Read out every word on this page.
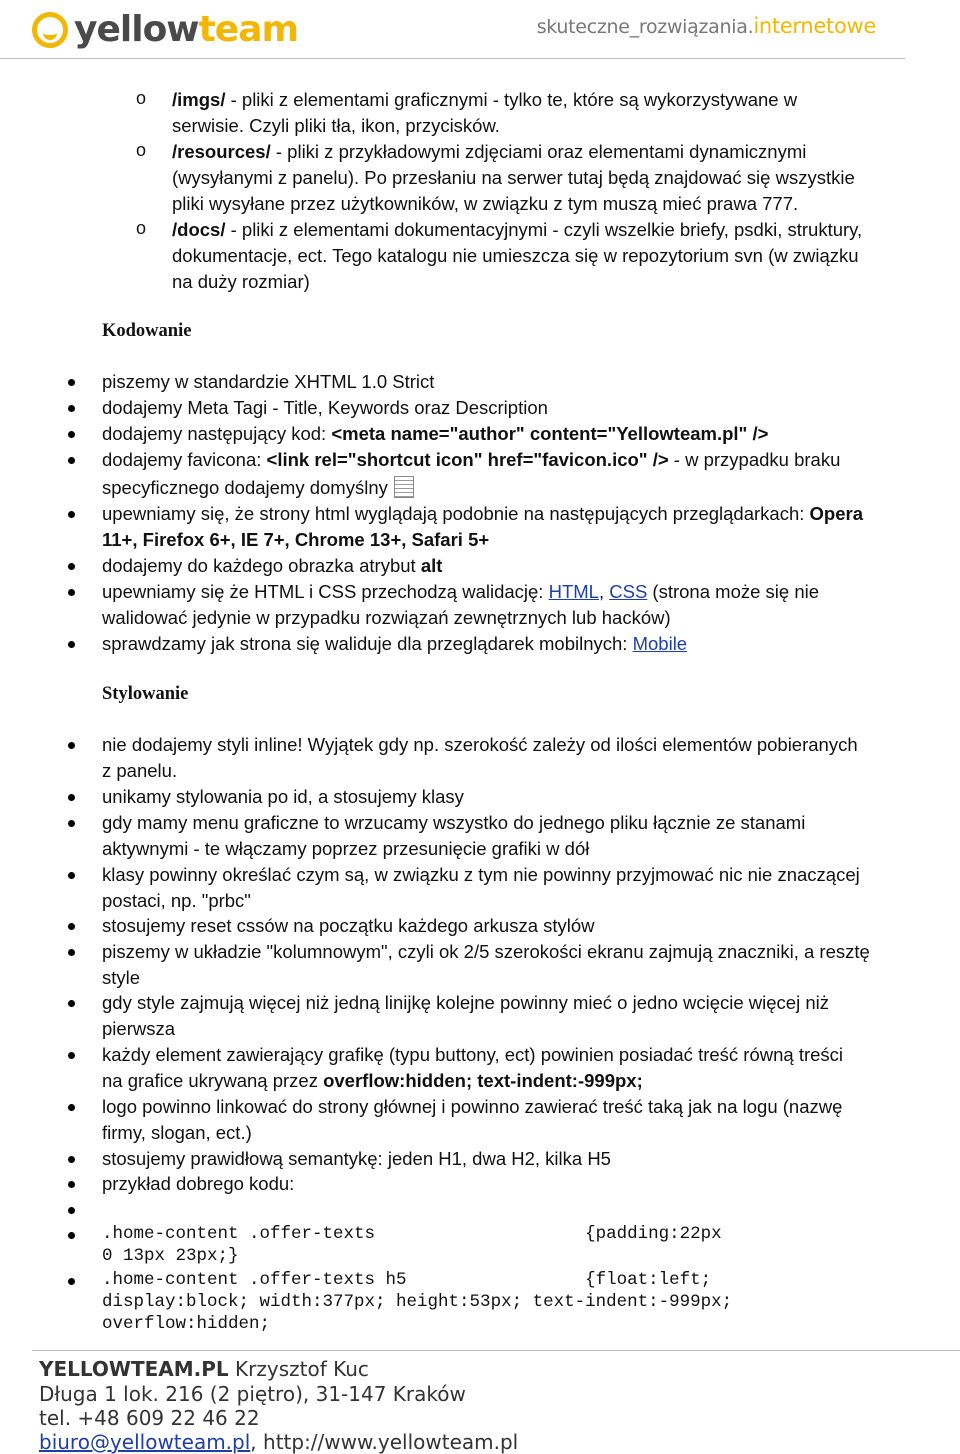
yellowteam	skuteczne_rozwiązania.internetowe
o /imgs/ - pliki z elementami graficznymi - tylko te, które są wykorzystywane w
serwisie. Czyli pliki tła, ikon, przycisków.
o /resources/ - pliki z przykładowymi zdjęciami oraz elementami dynamicznymi
(wysyłanymi z panelu). Po przesłaniu na serwer tutaj będą znajdować się wszystkie
pliki wysyłane przez użytkowników, w związku z tym muszą mieć prawa 777.
o /docs/ - pliki z elementami dokumentacyjnymi - czyli wszelkie briefy, psdki, struktury,
dokumentacje, ect. Tego katalogu nie umieszcza się w repozytorium svn (w związku
na duży rozmiar)
Kodowanie
piszemy w standardzie XHTML 1.0 Strict
dodajemy Meta Tagi - Title, Keywords oraz Description
dodajemy następujący kod: <meta name="author" content="Yellowteam.pl" />
dodajemy favicona: <link rel="shortcut icon" href="favicon.ico" /> - w przypadku braku
specyficznego dodajemy domyślny
upewniamy się, że strony html wyglądają podobnie na następujących przeglądarkach: Opera
11+, Firefox 6+, IE 7+, Chrome 13+, Safari 5+
dodajemy do każdego obrazka atrybut alt
upewniamy się że HTML i CSS przechodzą walidację: HTML, CSS (strona może się nie
walidować jedynie w przypadku rozwiązań zewnętrznych lub hacków)
sprawdzamy jak strona się waliduje dla przeglądarek mobilnych: Mobile
Stylowanie
nie dodajemy styli inline! Wyjątek gdy np. szerokość zależy od ilości elementów pobieranych
z panelu.
unikamy stylowania po id, a stosujemy klasy
gdy mamy menu graficzne to wrzucamy wszystko do jednego pliku łącznie ze stanami
aktywnymi - te włączamy poprzez przesunięcie grafiki w dół
klasy powinny określać czym są, w związku z tym nie powinny przyjmować nic nie znaczącej
postaci, np. "prbc"
stosujemy reset cssów na początku każdego arkusza stylów
piszemy w układzie "kolumnowym", czyli ok 2/5 szerokości ekranu zajmują znaczniki, a resztę
style
gdy style zajmują więcej niż jedną linijkę kolejne powinny mieć o jedno wcięcie więcej niż
pierwsza
każdy element zawierający grafikę (typu buttony, ect) powinien posiadać treść równą treści
na grafice ukrywaną przez overflow:hidden; text-indent:-999px;
logo powinno linkować do strony głównej i powinno zawierać treść taką jak na logu (nazwę
firmy, slogan, ect.)
stosujemy prawidłową semantykę: jeden H1, dwa H2, kilka H5
przykład dobrego kodu:
.home-content .offer-texts                    {padding:22px
0 13px 23px;}
.home-content .offer-texts h5                 {float:left;
display:block; width:377px; height:53px; text-indent:-999px;
overflow:hidden;
YELLOWTEAM.PL Krzysztof Kuc
Długa 1 lok. 216 (2 piętro), 31-147 Kraków
tel. +48 609 22 46 22
biuro@yellowteam.pl, http://www.yellowteam.pl
